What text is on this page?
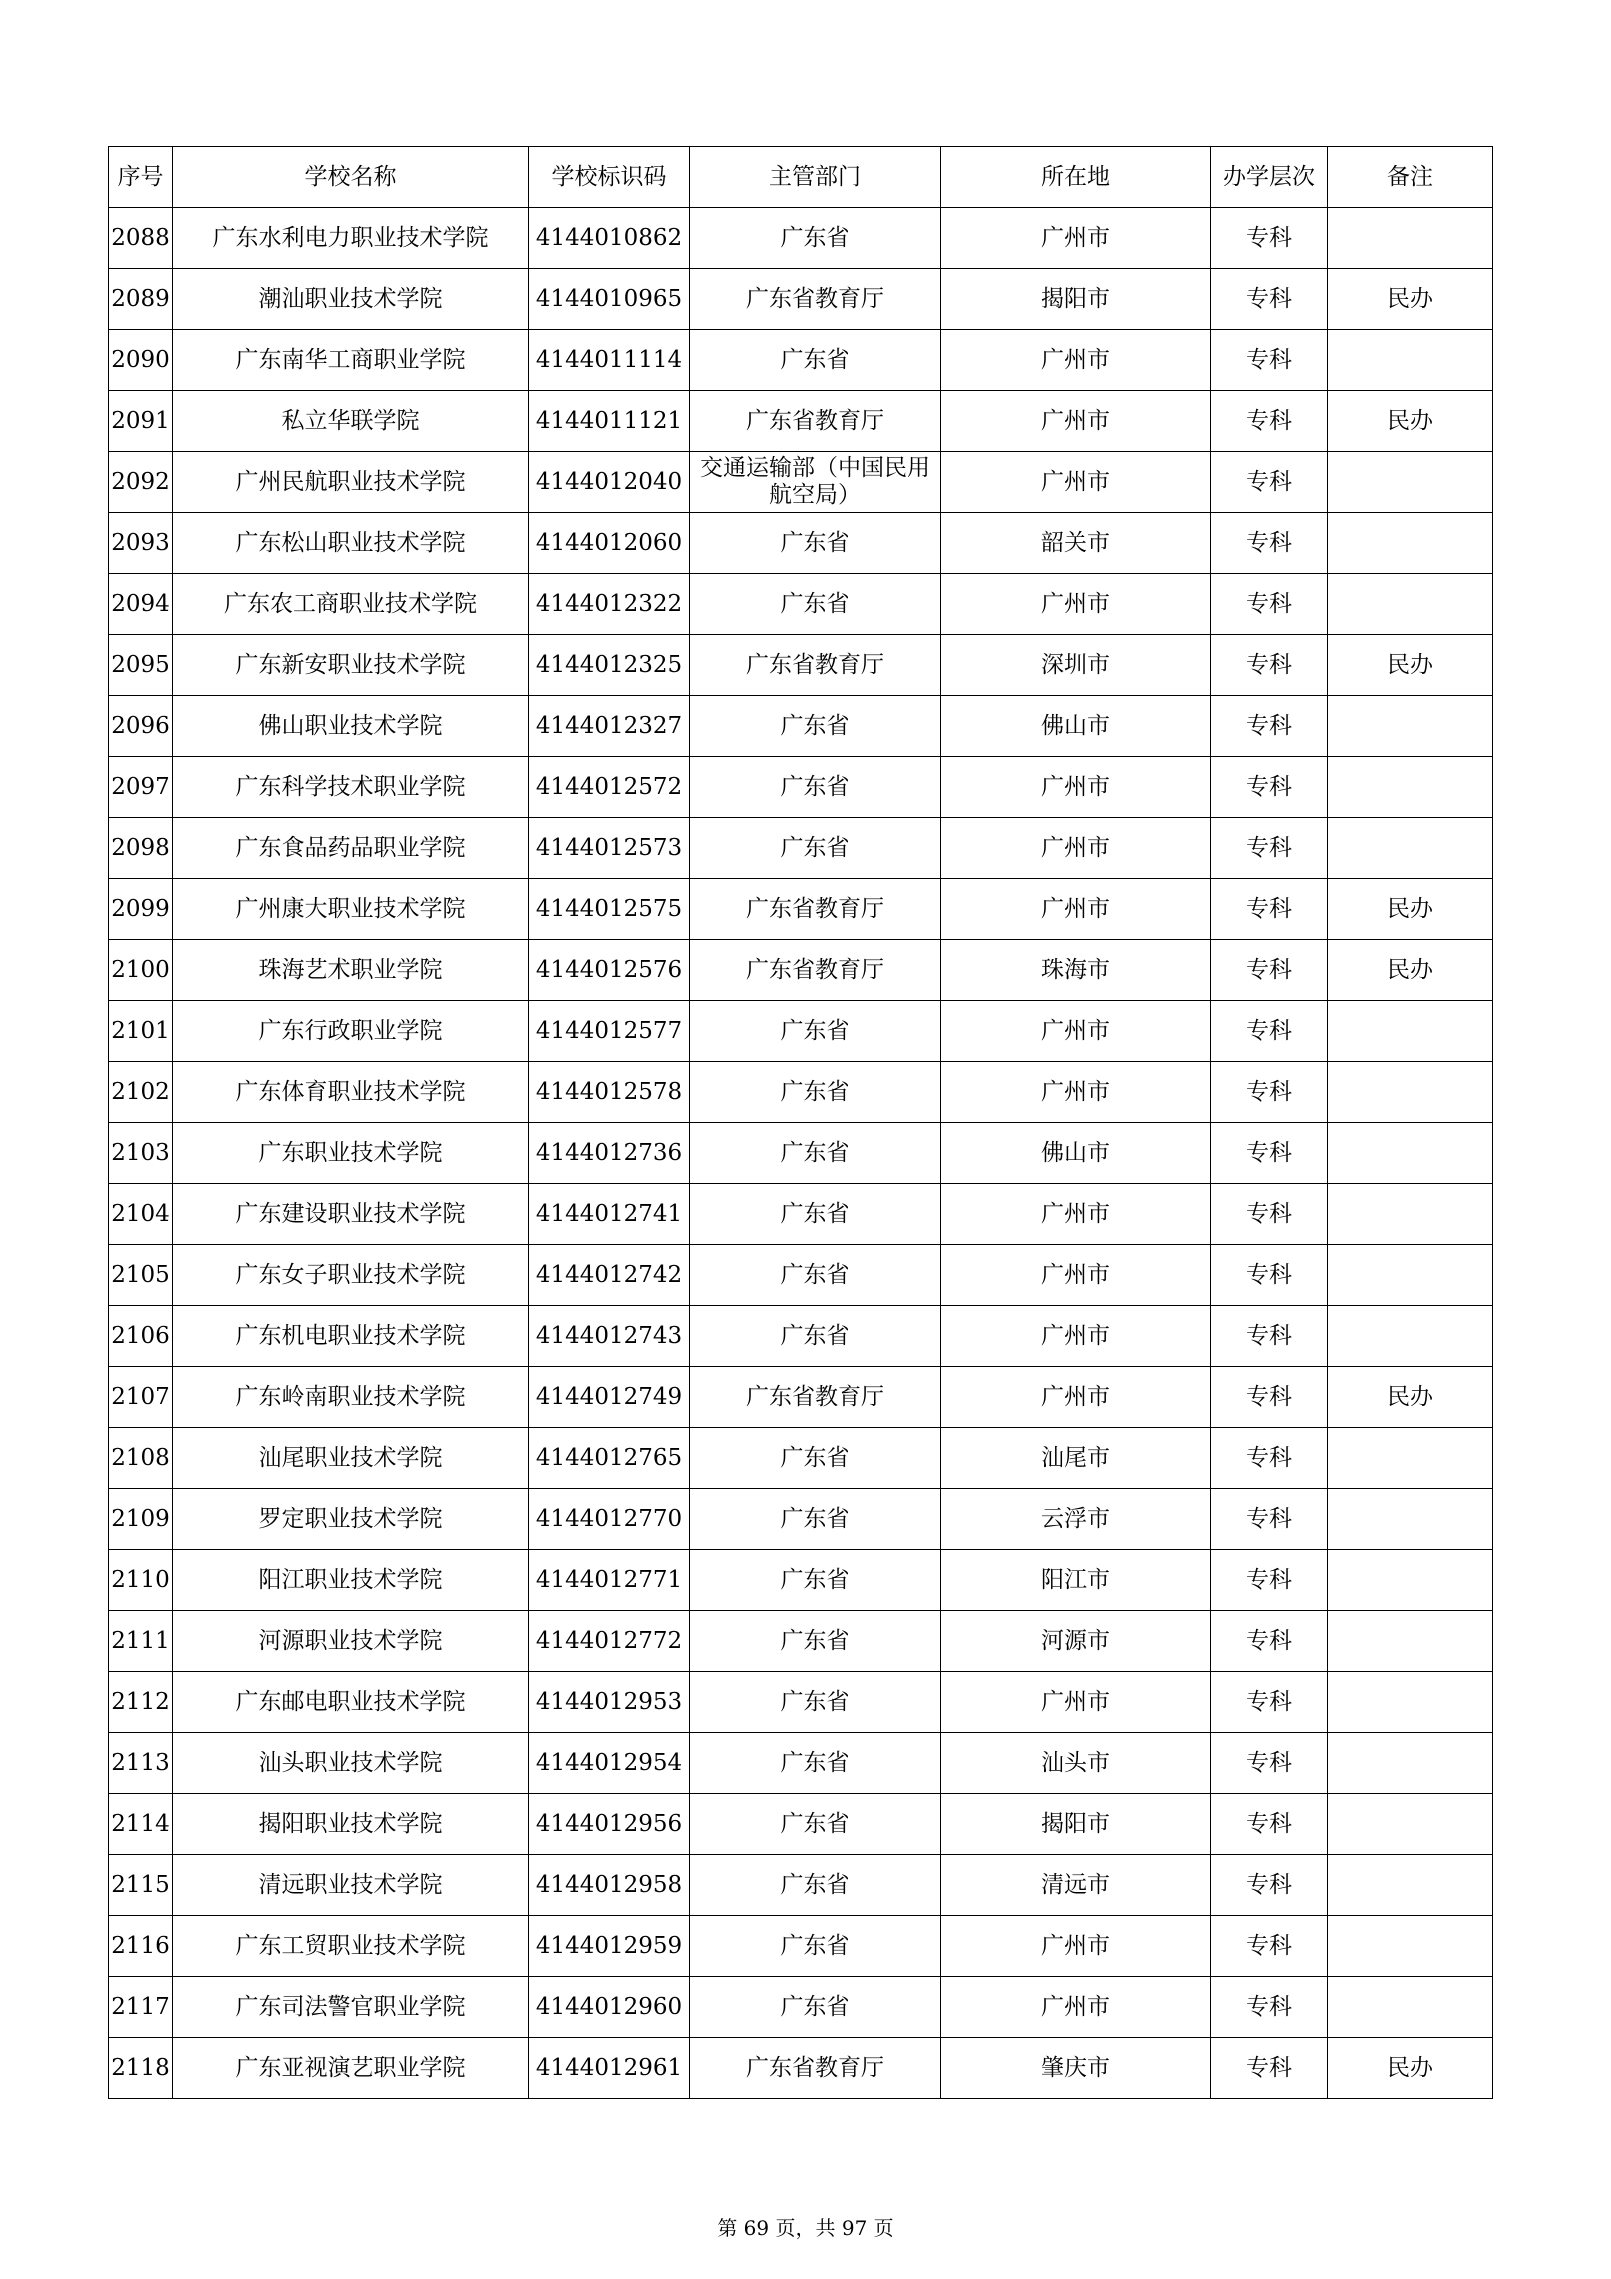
序号	学校名称	学校标识码	主管部门	所在地	办学层次	备注
2088	广东水利电力职业技术学院	4144010862	广东省	广州市	专科	
2089	潮汕职业技术学院	4144010965	广东省教育厅	揭阳市	专科	民办
2090	广东南华工商职业学院	4144011114	广东省	广州市	专科	
2091	私立华联学院	4144011121	广东省教育厅	广州市	专科	民办
2092	广州民航职业技术学院	4144012040	交通运输部（中国民用航空局）	广州市	专科	
2093	广东松山职业技术学院	4144012060	广东省	韶关市	专科	
2094	广东农工商职业技术学院	4144012322	广东省	广州市	专科	
2095	广东新安职业技术学院	4144012325	广东省教育厅	深圳市	专科	民办
2096	佛山职业技术学院	4144012327	广东省	佛山市	专科	
2097	广东科学技术职业学院	4144012572	广东省	广州市	专科	
2098	广东食品药品职业学院	4144012573	广东省	广州市	专科	
2099	广州康大职业技术学院	4144012575	广东省教育厅	广州市	专科	民办
2100	珠海艺术职业学院	4144012576	广东省教育厅	珠海市	专科	民办
2101	广东行政职业学院	4144012577	广东省	广州市	专科	
2102	广东体育职业技术学院	4144012578	广东省	广州市	专科	
2103	广东职业技术学院	4144012736	广东省	佛山市	专科	
2104	广东建设职业技术学院	4144012741	广东省	广州市	专科	
2105	广东女子职业技术学院	4144012742	广东省	广州市	专科	
2106	广东机电职业技术学院	4144012743	广东省	广州市	专科	
2107	广东岭南职业技术学院	4144012749	广东省教育厅	广州市	专科	民办
2108	汕尾职业技术学院	4144012765	广东省	汕尾市	专科	
2109	罗定职业技术学院	4144012770	广东省	云浮市	专科	
2110	阳江职业技术学院	4144012771	广东省	阳江市	专科	
2111	河源职业技术学院	4144012772	广东省	河源市	专科	
2112	广东邮电职业技术学院	4144012953	广东省	广州市	专科	
2113	汕头职业技术学院	4144012954	广东省	汕头市	专科	
2114	揭阳职业技术学院	4144012956	广东省	揭阳市	专科	
2115	清远职业技术学院	4144012958	广东省	清远市	专科	
2116	广东工贸职业技术学院	4144012959	广东省	广州市	专科	
2117	广东司法警官职业学院	4144012960	广东省	广州市	专科	
2118	广东亚视演艺职业学院	4144012961	广东省教育厅	肇庆市	专科	民办
第 69 页，共 97 页
